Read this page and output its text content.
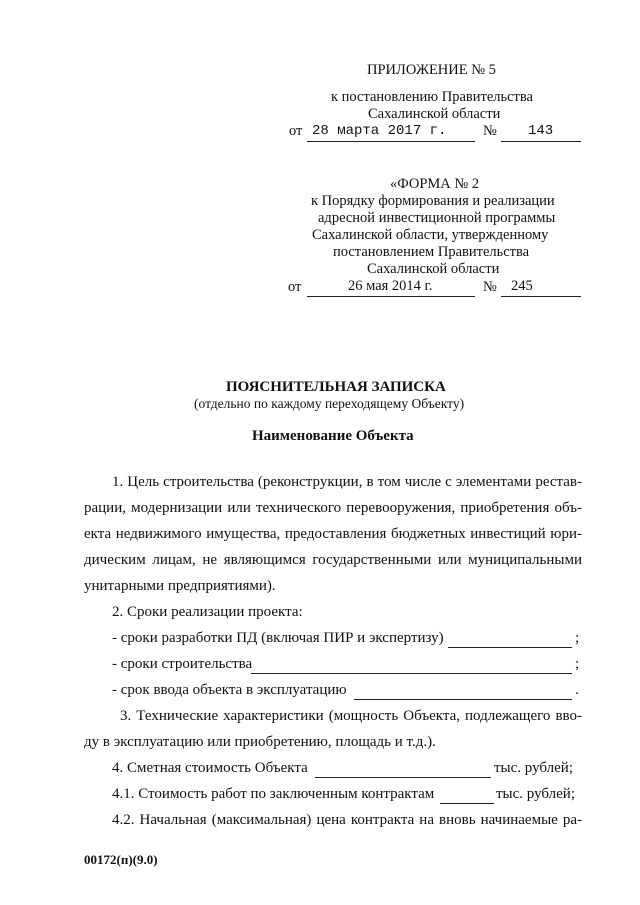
ПРИЛОЖЕНИЕ № 5
к постановлению Правительства
Сахалинской области
от 28 марта 2017 г.	№ 143
«ФОРМА № 2
к Порядку формирования и реализации
адресной инвестиционной программы
Сахалинской области, утвержденному
постановлением Правительства
Сахалинской области
от	26 мая 2014 г.	№ 245
ПОЯСНИТЕЛЬНАЯ ЗАПИСКА
(отдельно по каждому переходящему Объекту)
Наименование Объекта
1. Цель строительства (реконструкции, в том числе с элементами рестав-
рации, модернизации или технического перевооружения, приобретения объ-
екта недвижимого имущества, предоставления бюджетных инвестиций юри-
дическим лицам, не являющимся государственными или муниципальными
унитарными предприятиями).
2. Сроки реализации проекта:
- сроки разработки ПД (включая ПИР и экспертизу)	;
- сроки строительства	;
- срок ввода объекта в эксплуатацию	.
3. Технические характеристики (мощность Объекта, подлежащего вво-
ду в эксплуатацию или приобретению, площадь и т.д.).
4. Сметная стоимость Объекта	тыс. рублей;
4.1. Стоимость работ по заключенным контрактам	тыс. рублей;
4.2. Начальная (максимальная) цена контракта на вновь начинаемые ра-
00172(п)(9.0)
